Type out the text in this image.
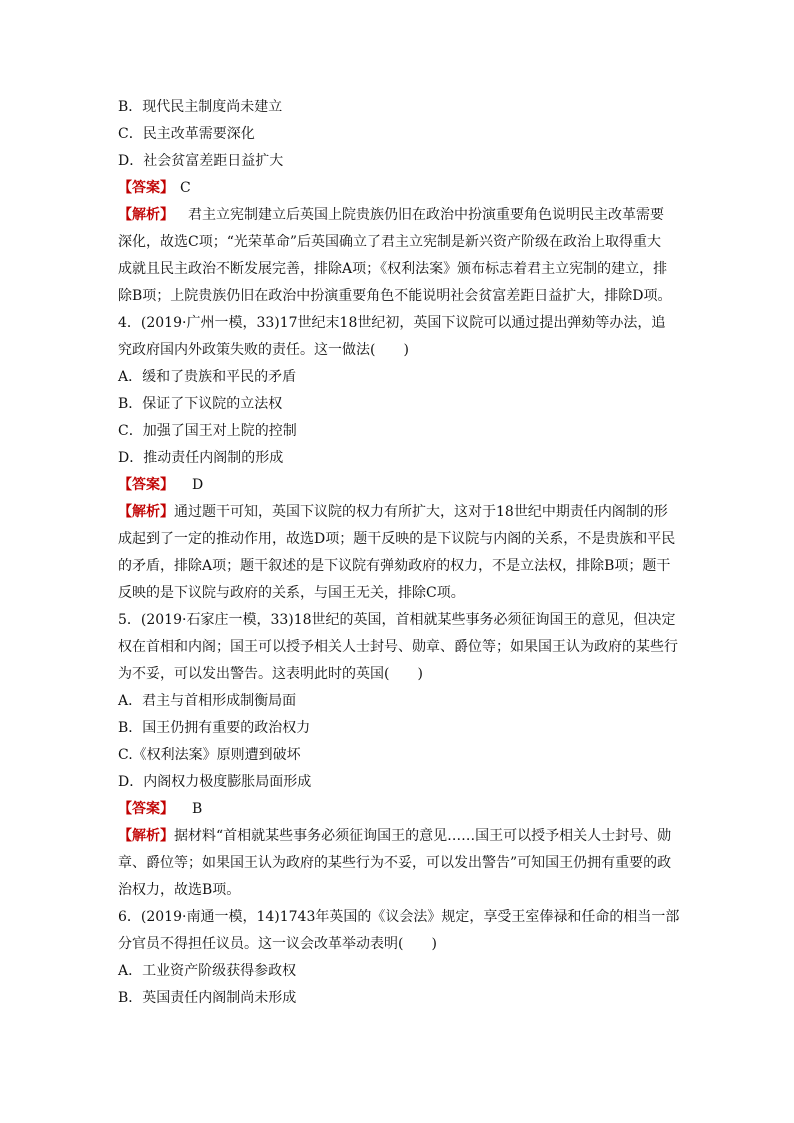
B．现代民主制度尚未建立
C．民主改革需要深化
D．社会贫富差距日益扩大
【答案】 C
【解析】 君主立宪制建立后英国上院贵族仍旧在政治中扮演重要角色说明民主改革需要
深化，故选C项；“光荣革命”后英国确立了君主立宪制是新兴资产阶级在政治上取得重大
成就且民主政治不断发展完善，排除A项；《权利法案》颁布标志着君主立宪制的建立，排
除B项；上院贵族仍旧在政治中扮演重要角色不能说明社会贫富差距日益扩大，排除D项。
4．(2019·广州一模，33)17世纪末18世纪初，英国下议院可以通过提出弹劾等办法，追
究政府国内外政策失败的责任。这一做法(　　)
A．缓和了贵族和平民的矛盾
B．保证了下议院的立法权
C．加强了国王对上院的控制
D．推动责任内阁制的形成
【答案】 D
【解析】通过题干可知，英国下议院的权力有所扩大，这对于18世纪中期责任内阁制的形
成起到了一定的推动作用，故选D项；题干反映的是下议院与内阁的关系，不是贵族和平民
的矛盾，排除A项；题干叙述的是下议院有弹劾政府的权力，不是立法权，排除B项；题干
反映的是下议院与政府的关系，与国王无关，排除C项。
5．(2019·石家庄一模，33)18世纪的英国，首相就某些事务必须征询国王的意见，但决定
权在首相和内阁；国王可以授予相关人士封号、勋章、爵位等；如果国王认为政府的某些行
为不妥，可以发出警告。这表明此时的英国(　　)
A．君主与首相形成制衡局面
B．国王仍拥有重要的政治权力
C.《权利法案》原则遭到破坏
D．内阁权力极度膨胀局面形成
【答案】 B
【解析】据材料“首相就某些事务必须征询国王的意见……国王可以授予相关人士封号、勋
章、爵位等；如果国王认为政府的某些行为不妥，可以发出警告”可知国王仍拥有重要的政
治权力，故选B项。
6．(2019·南通一模，14)1743年英国的《议会法》规定，享受王室俸禄和任命的相当一部
分官员不得担任议员。这一议会改革举动表明(　　)
A．工业资产阶级获得参政权
B．英国责任内阁制尚未形成
